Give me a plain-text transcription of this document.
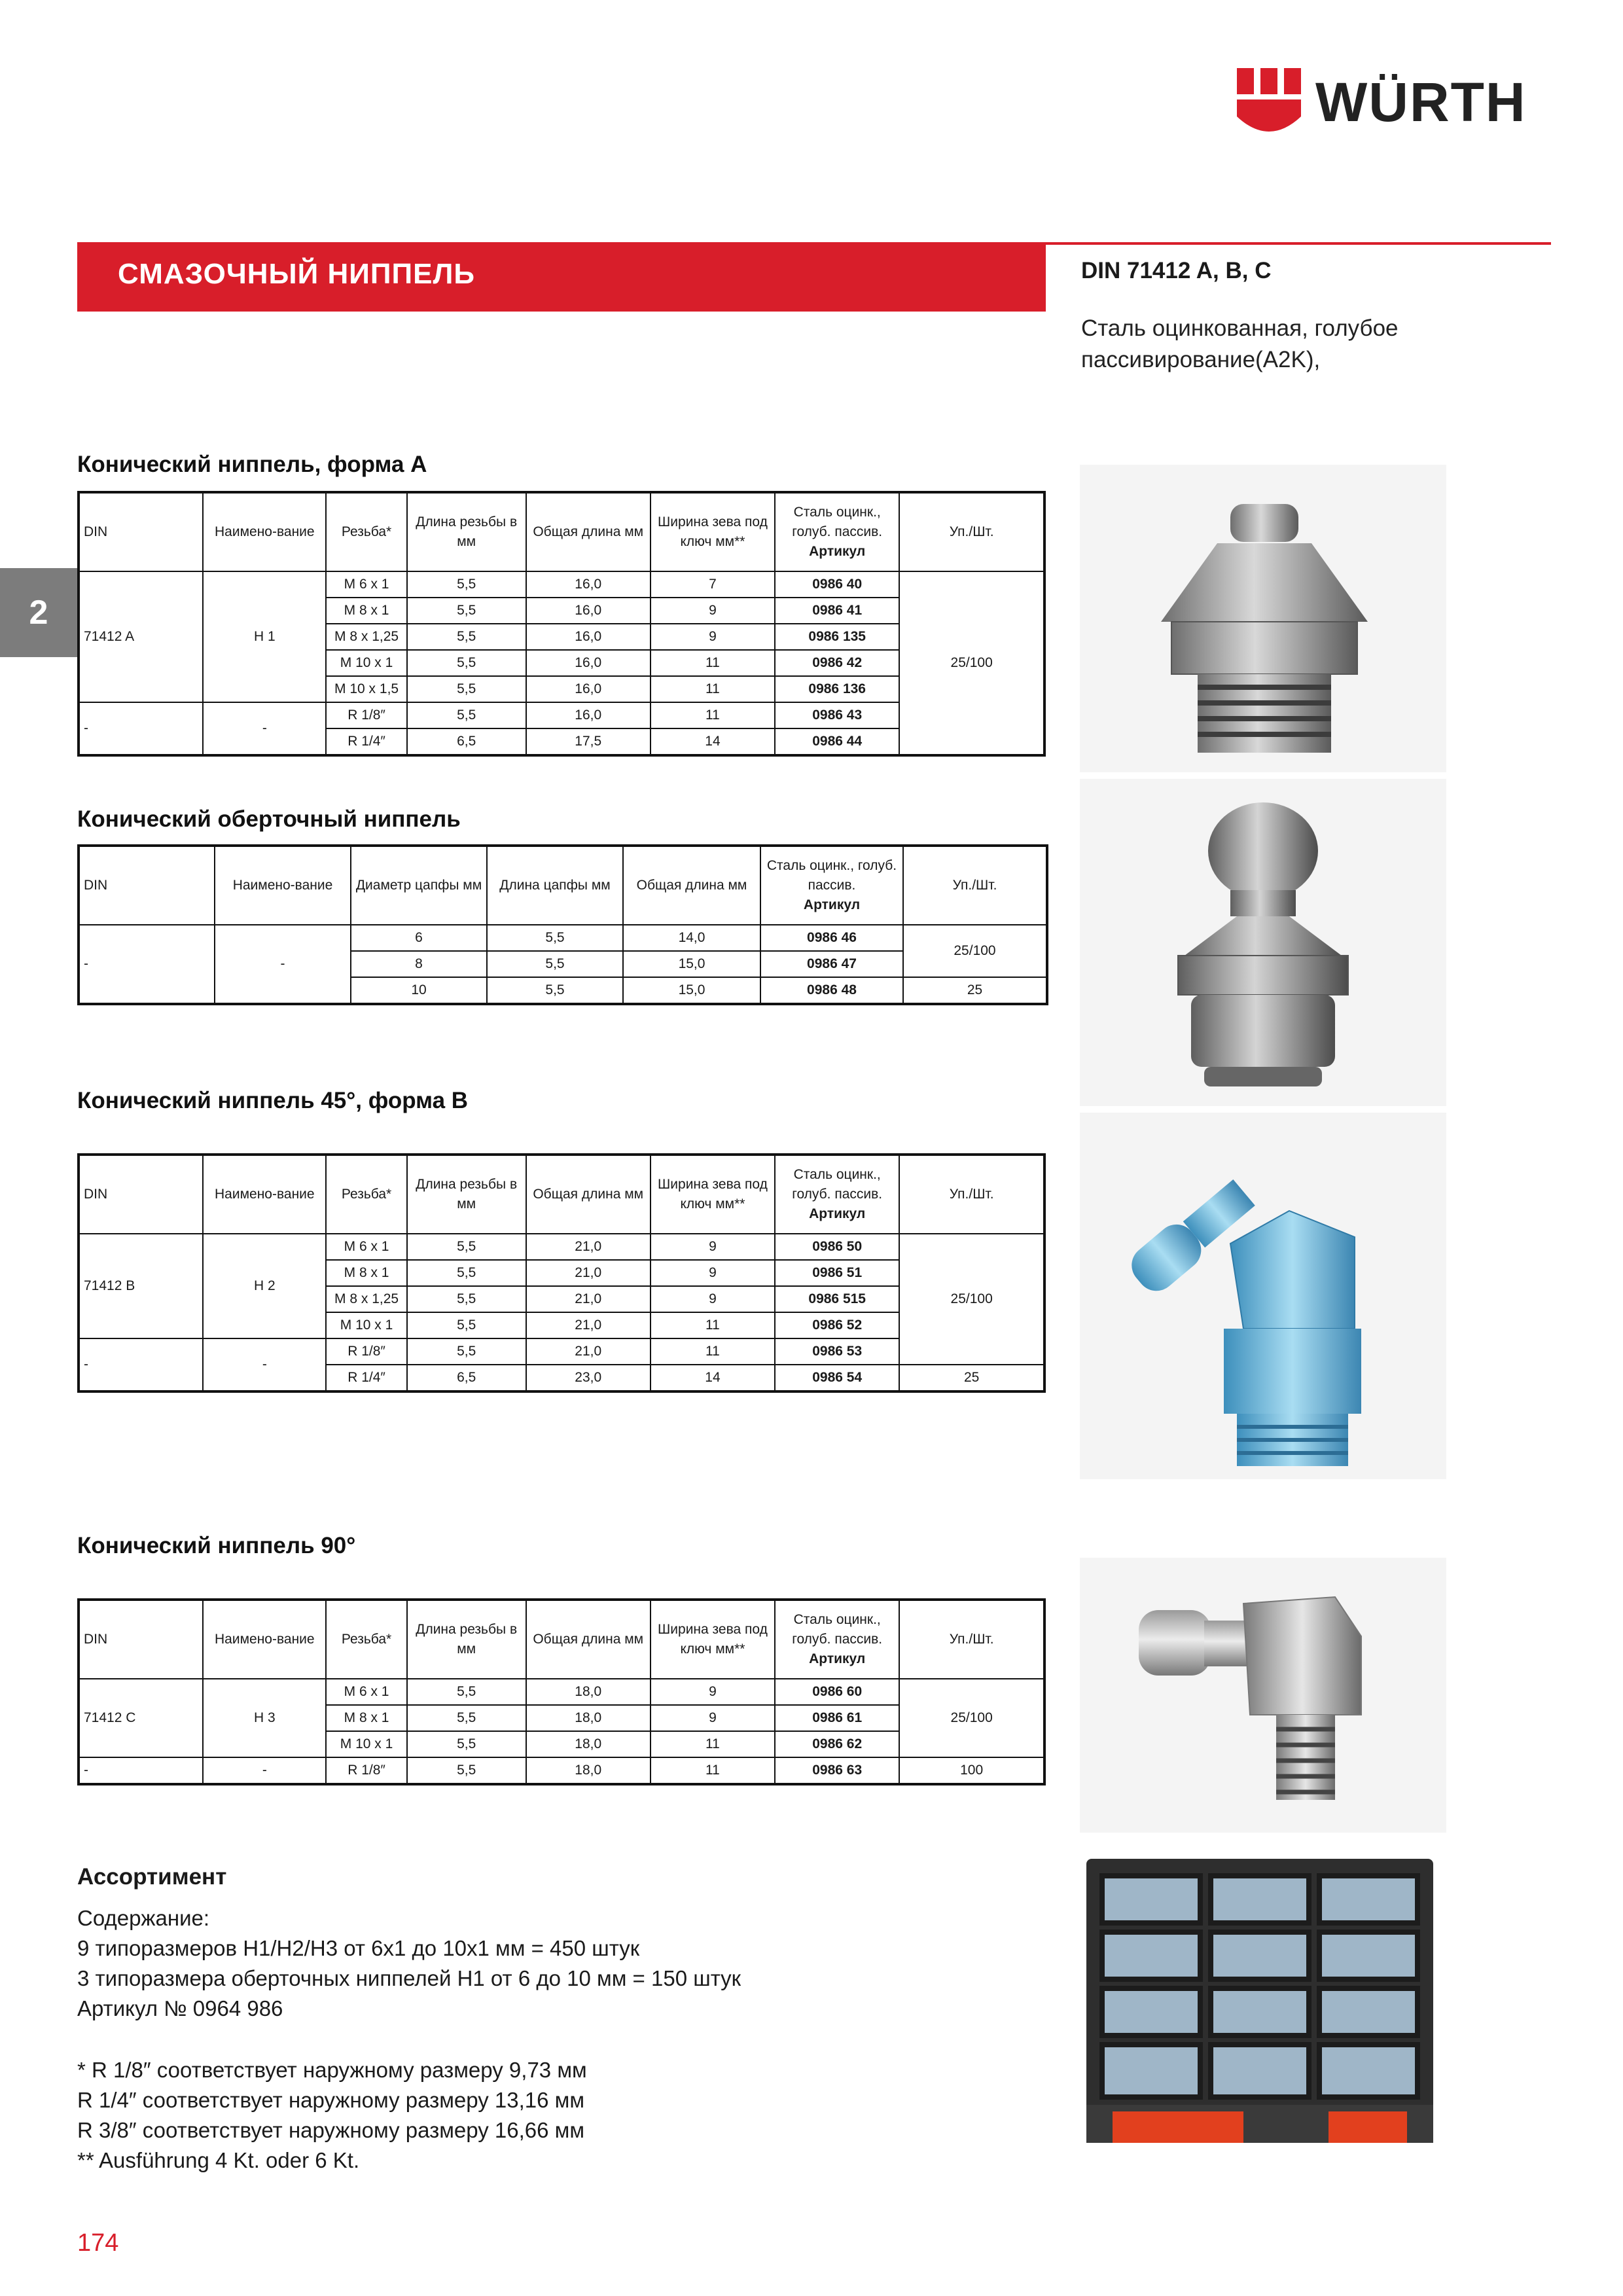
WÜRTH
СМАЗОЧНЫЙ НИППЕЛЬ	DIN 71412 A, B, C
Сталь оцинкованная, голубое
пассивирование(A2K),
2
Конический ниппель, форма А
DIN	Наимено-вание	Резьба*	Длина резьбы в мм	Общая длина мм	Ширина зева под ключ мм**	Сталь оцинк., голуб. пассив.
Артикул	Уп./Шт.
71412 A	H 1	M 6 x 1	5,5	16,0	7	0986 40	25/100
		M 8 x 1	5,5	16,0	9	0986 41	
		M 8 x 1,25	5,5	16,0	9	0986 135	
		M 10 x 1	5,5	16,0	11	0986 42	
		M 10 x 1,5	5,5	16,0	11	0986 136	
-	-	R 1/8″	5,5	16,0	11	0986 43	
		R 1/4″	6,5	17,5	14	0986 44	
Конический оберточный ниппель
DIN	Наимено-вание	Диаметр цапфы мм	Длина цапфы мм	Общая длина мм	Сталь оцинк., голуб. пассив.
Артикул	Уп./Шт.
-	-	6	5,5	14,0	0986 46	25/100
		8	5,5	15,0	0986 47	
		10	5,5	15,0	0986 48	25
Конический ниппель 45°, форма B
DIN	Наимено-вание	Резьба*	Длина резьбы в мм	Общая длина мм	Ширина зева под ключ мм**	Сталь оцинк., голуб. пассив.
Артикул	Уп./Шт.
71412 B	H 2	M 6 x 1	5,5	21,0	9	0986 50	25/100
		M 8 x 1	5,5	21,0	9	0986 51	
		M 8 x 1,25	5,5	21,0	9	0986 515	
		M 10 x 1	5,5	21,0	11	0986 52	
-	-	R 1/8″	5,5	21,0	11	0986 53	
		R 1/4″	6,5	23,0	14	0986 54	25
Конический ниппель 90°
DIN	Наимено-вание	Резьба*	Длина резьбы в мм	Общая длина мм	Ширина зева под ключ мм**	Сталь оцинк., голуб. пассив.
Артикул	Уп./Шт.
71412 C	H 3	M 6 x 1	5,5	18,0	9	0986 60	25/100
		M 8 x 1	5,5	18,0	9	0986 61	
		M 10 x 1	5,5	18,0	11	0986 62	
-	-	R 1/8″	5,5	18,0	11	0986 63	100
Ассортимент
Содержание:
9 типоразмеров H1/H2/H3 от 6x1 до 10x1 мм = 450 штук
3 типоразмера оберточных ниппелей H1 от 6 до 10 мм = 150 штук
Артикул № 0964 986
* R 1/8″ соответствует наружному размеру 9,73 мм
R 1/4″ соответствует наружному размеру 13,16 мм
R 3/8″ соответствует наружному размеру 16,66 мм
** Ausführung 4 Kt. oder 6 Kt.
174
